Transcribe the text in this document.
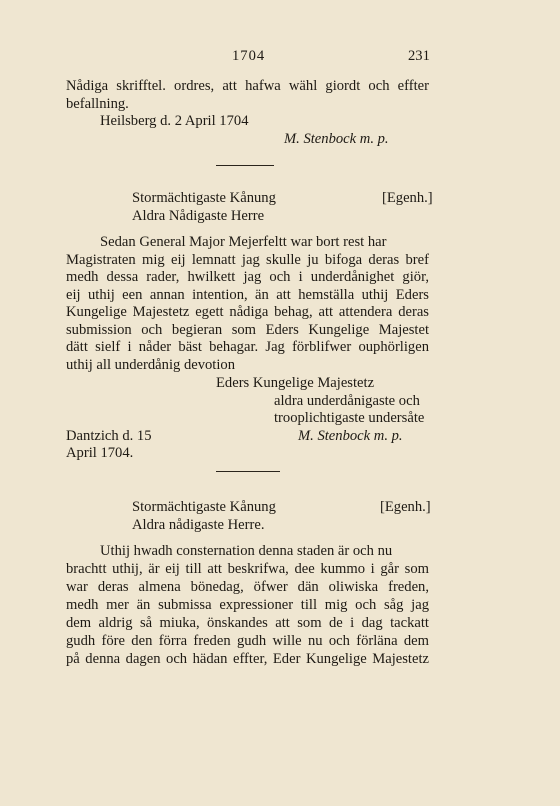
1704	231
Nådiga skrifftel. ordres, att hafwa wähl giordt och effter
befallning.
Heilsberg d. 2 April 1704
M. Stenbock m. p.
Stormächtigaste Kånung	[Egenh.]
Aldra Nådigaste Herre
Sedan General Major Mejerfeltt war bort rest har
Magistraten mig eij lemnatt jag skulle ju bifoga deras bref
medh dessa rader, hwilkett jag och i underdånighet giör,
eij uthij een annan intention, än att hemställa uthij Eders
Kungelige Majestetz egett nådiga behag, att attendera deras
submission och begieran som Eders Kungelige Majestet
dätt sielf i nåder bäst behagar. Jag förblifwer ouphörligen
uthij all underdånig devotion
Eders Kungelige Majestetz
aldra underdånigaste och
trooplichtigaste undersåte
Dantzich d. 15	M. Stenbock m. p.
April 1704.
Stormächtigaste Kånung	[Egenh.]
Aldra nådigaste Herre.
Uthij hwadh consternation denna staden är och nu
brachtt uthij, är eij till att beskrifwa, dee kummo i går som
war deras almena bönedag, öfwer dän oliwiska freden,
medh mer än submissa expressioner till mig och såg jag
dem aldrig så miuka, önskandes att som de i dag tackatt
gudh före den förra freden gudh wille nu och förläna dem
på denna dagen och hädan effter, Eder Kungelige Majestetz
